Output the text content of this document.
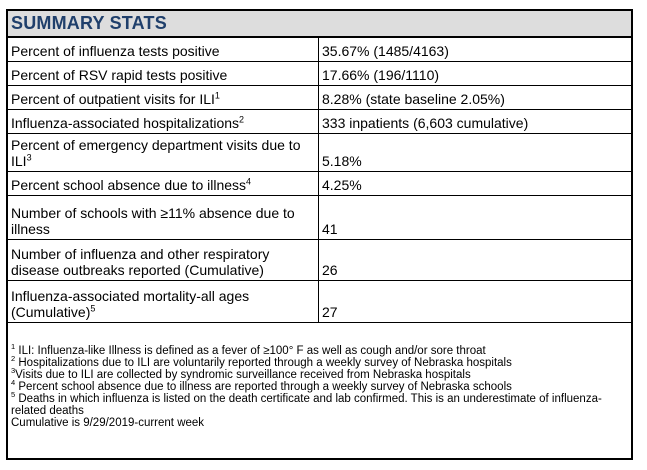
SUMMARY STATS
Percent of influenza tests positive	35.67% (1485/4163)
Percent of RSV rapid tests positive	17.66% (196/1110)
Percent of outpatient visits for ILI$^1$	8.28% (state baseline 2.05%)
Influenza-associated hospitalizations$^2$	333 inpatients (6,603 cumulative)
Percent of emergency department visits due to ILI$^3$	5.18%
Percent school absence due to illness$^4$	4.25%
Number of schools with ≥11% absence due to illness	41
Number of influenza and other respiratory disease outbreaks reported (Cumulative)	26
Influenza-associated mortality-all ages (Cumulative)$^5$	27
$^1$ ILI: Influenza-like Illness is defined as a fever of ≥100° F as well as cough and/or sore throat
$^2$ Hospitalizations due to ILI are voluntarily reported through a weekly survey of Nebraska hospitals
$^3$Visits due to ILI are collected by syndromic surveillance received from Nebraska hospitals
$^4$ Percent school absence due to illness are reported through a weekly survey of Nebraska schools
$^5$ Deaths in which influenza is listed on the death certificate and lab confirmed. This is an underestimate of influenza-related deaths
Cumulative is 9/29/2019-current week
